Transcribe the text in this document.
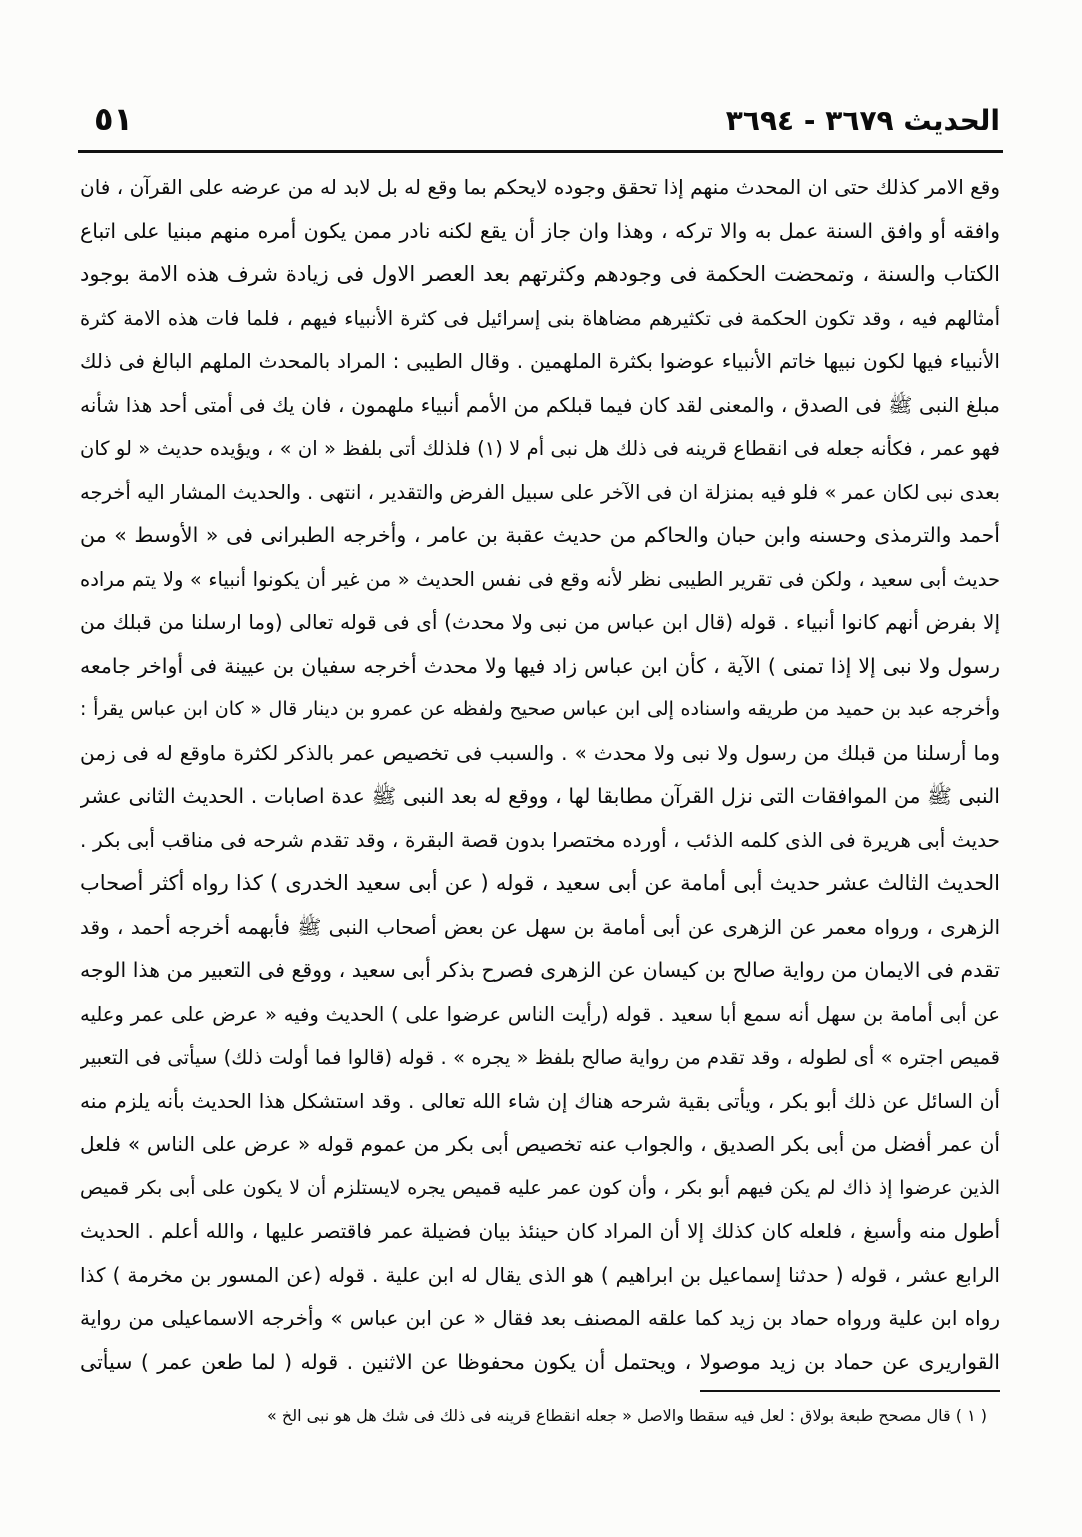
الحديث ٣٦٧٩ - ٣٦٩٤
٥١
وقع الامر كذلك حتى ان المحدث منهم إذا تحقق وجوده لايحكم بما وقع له بل لابد له من عرضه على القرآن ، فان
وافقه أو وافق السنة عمل به والا تركه ، وهذا وان جاز أن يقع لكنه نادر ممن يكون أمره منهم مبنيا على اتباع
الكتاب والسنة ، وتمحضت الحكمة فى وجودهم وكثرتهم بعد العصر الاول فى زيادة شرف هذه الامة بوجود
أمثالهم فيه ، وقد تكون الحكمة فى تكثيرهم مضاهاة بنى إسرائيل فى كثرة الأنبياء فيهم ، فلما فات هذه الامة كثرة
الأنبياء فيها لكون نبيها خاتم الأنبياء عوضوا بكثرة الملهمين . وقال الطيبى : المراد بالمحدث الملهم البالغ فى ذلك
مبلغ النبى ﷺ فى الصدق ، والمعنى لقد كان فيما قبلكم من الأمم أنبياء ملهمون ، فان يك فى أمتى أحد هذا شأنه
فهو عمر ، فكأنه جعله فى انقطاع قرينه فى ذلك هل نبى أم لا (١) فلذلك أتى بلفظ « ان » ، ويؤيده حديث « لو كان
بعدى نبى لكان عمر » فلو فيه بمنزلة ان فى الآخر على سبيل الفرض والتقدير ، انتهى . والحديث المشار اليه أخرجه
أحمد والترمذى وحسنه وابن حبان والحاكم من حديث عقبة بن عامر ، وأخرجه الطبرانى فى « الأوسط » من
حديث أبى سعيد ، ولكن فى تقرير الطيبى نظر لأنه وقع فى نفس الحديث « من غير أن يكونوا أنبياء » ولا يتم مراده
إلا بفرض أنهم كانوا أنبياء . قوله (قال ابن عباس من نبى ولا محدث) أى فى قوله تعالى (وما ارسلنا من قبلك من
رسول ولا نبى إلا إذا تمنى ) الآية ، كأن ابن عباس زاد فيها ولا محدث أخرجه سفيان بن عيينة فى أواخر جامعه
وأخرجه عبد بن حميد من طريقه واسناده إلى ابن عباس صحيح ولفظه عن عمرو بن دينار قال « كان ابن عباس يقرأ :
وما أرسلنا من قبلك من رسول ولا نبى ولا محدث » . والسبب فى تخصيص عمر بالذكر لكثرة ماوقع له فى زمن
النبى ﷺ من الموافقات التى نزل القرآن مطابقا لها ، ووقع له بعد النبى ﷺ عدة اصابات . الحديث الثانى عشر
حديث أبى هريرة فى الذى كلمه الذئب ، أورده مختصرا بدون قصة البقرة ، وقد تقدم شرحه فى مناقب أبى بكر .
الحديث الثالث عشر حديث أبى أمامة عن أبى سعيد ، قوله ( عن أبى سعيد الخدرى ) كذا رواه أكثر أصحاب
الزهرى ، ورواه معمر عن الزهرى عن أبى أمامة بن سهل عن بعض أصحاب النبى ﷺ فأبهمه أخرجه أحمد ، وقد
تقدم فى الايمان من رواية صالح بن كيسان عن الزهرى فصرح بذكر أبى سعيد ، ووقع فى التعبير من هذا الوجه
عن أبى أمامة بن سهل أنه سمع أبا سعيد . قوله (رأيت الناس عرضوا على ) الحديث وفيه « عرض على عمر وعليه
قميص اجتره » أى لطوله ، وقد تقدم من رواية صالح بلفظ « يجره » . قوله (قالوا فما أولت ذلك) سيأتى فى التعبير
أن السائل عن ذلك أبو بكر ، ويأتى بقية شرحه هناك إن شاء الله تعالى . وقد استشكل هذا الحديث بأنه يلزم منه
أن عمر أفضل من أبى بكر الصديق ، والجواب عنه تخصيص أبى بكر من عموم قوله « عرض على الناس » فلعل
الذين عرضوا إذ ذاك لم يكن فيهم أبو بكر ، وأن كون عمر عليه قميص يجره لايستلزم أن لا يكون على أبى بكر قميص
أطول منه وأسبغ ، فلعله كان كذلك إلا أن المراد كان حينئذ بيان فضيلة عمر فاقتصر عليها ، والله أعلم . الحديث
الرابع عشر ، قوله ( حدثنا إسماعيل بن ابراهيم ) هو الذى يقال له ابن علية . قوله (عن المسور بن مخرمة ) كذا
رواه ابن علية ورواه حماد بن زيد كما علقه المصنف بعد فقال « عن ابن عباس » وأخرجه الاسماعيلى من رواية
القواريرى عن حماد بن زيد موصولا ، ويحتمل أن يكون محفوظا عن الاثنين . قوله ( لما طعن عمر ) سيأتى
( ١ ) قال مصحح طبعة بولاق : لعل فيه سقطا والاصل « جعله انقطاع قرينه فى ذلك فى شك هل هو نبى الخ »
